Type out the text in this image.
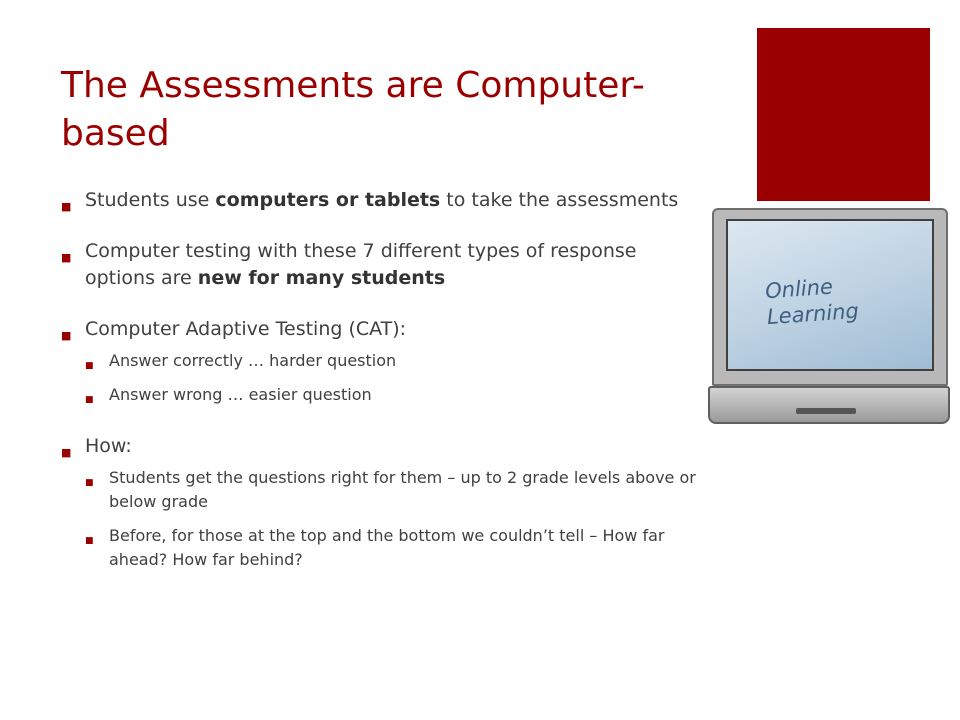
The Assessments are Computer-based
■ Students use computers or tablets to take the assessments
■ Computer testing with these 7 different types of response options are new for many students
■ Computer Adaptive Testing (CAT):
■ Answer correctly … harder question
■ Answer wrong … easier question
■ How:
■ Students get the questions right for them – up to 2 grade levels above or below grade
■ Before, for those at the top and the bottom we couldn’t tell – How far ahead? How far behind?
Online
Learning
